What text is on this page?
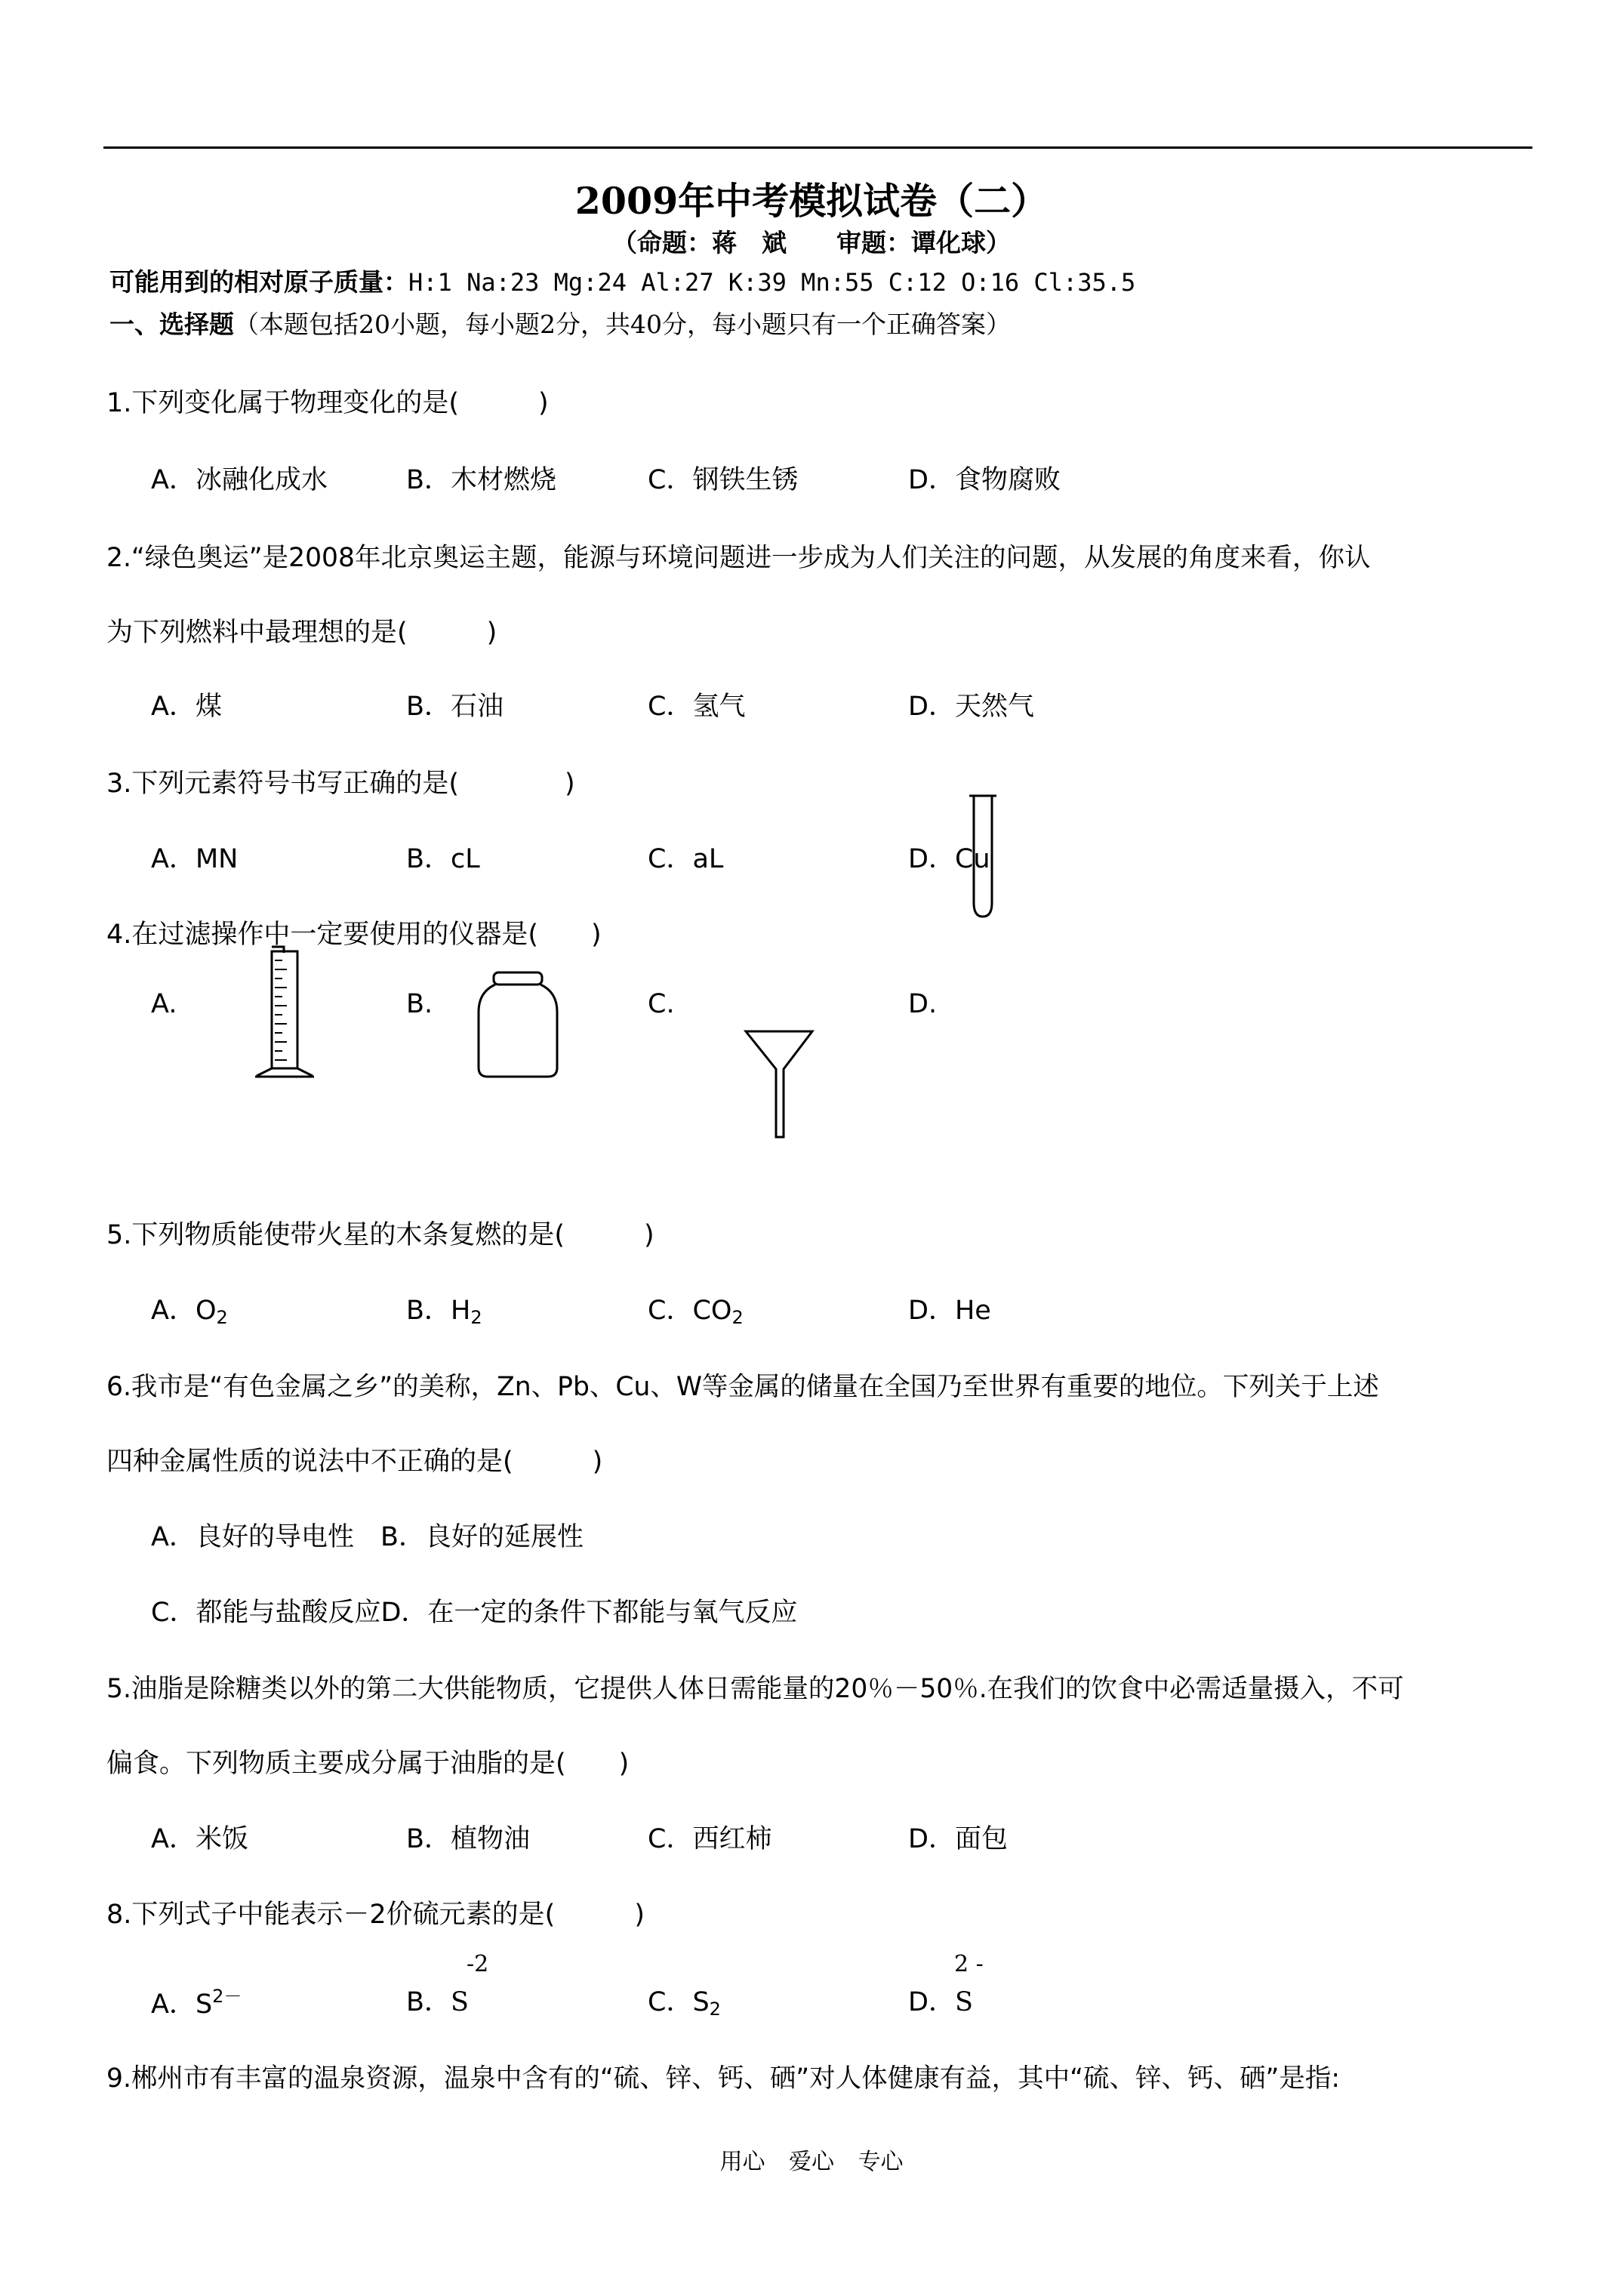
2009年中考模拟试卷（二）
（命题：蒋　斌　　审题：谭化球）
可能用到的相对原子质量：H:1 Na:23 Mg:24 Al:27 K:39 Mn:55 C:12 O:16 Cl:35.5
一、选择题（本题包括20小题，每小题2分，共40分，每小题只有一个正确答案）
1.下列变化属于物理变化的是(　　　)
A．冰融化成水	B．木材燃烧	C．钢铁生锈	D．食物腐败
2.“绿色奥运”是2008年北京奥运主题，能源与环境问题进一步成为人们关注的问题，从发展的角度来看，你认
为下列燃料中最理想的是(　　　)
A．煤	B．石油	C．氢气	D．天然气
3.下列元素符号书写正确的是(　　　　)
A．MN	B．cL	C．aL	D．Cu
4.在过滤操作中一定要使用的仪器是(　　)
A.	B.	C.	D.
5.下列物质能使带火星的木条复燃的是(　　　)
A．$O_2$	B．$H_2$	C．$CO_2$	D．He
6.我市是“有色金属之乡”的美称，Zn、Pb、Cu、W等金属的储量在全国乃至世界有重要的地位。下列关于上述
四种金属性质的说法中不正确的是(　　　)
A．良好的导电性　B．良好的延展性
C．都能与盐酸反应D．在一定的条件下都能与氧气反应
5.油脂是除糖类以外的第二大供能物质，它提供人体日需能量的20％－50％.在我们的饮食中必需适量摄入，不可
偏食。下列物质主要成分属于油脂的是(　　)
A．米饭	B．植物油	C．西红柿	D．面包
8.下列式子中能表示－2价硫元素的是(　　　)
A．$S^{2-}$	B．S
-2
C．$S_2$	D．S
2 -
9.郴州市有丰富的温泉资源，温泉中含有的“硫、锌、钙、硒”对人体健康有益，其中“硫、锌、钙、硒”是指:
用心 爱心 专心
